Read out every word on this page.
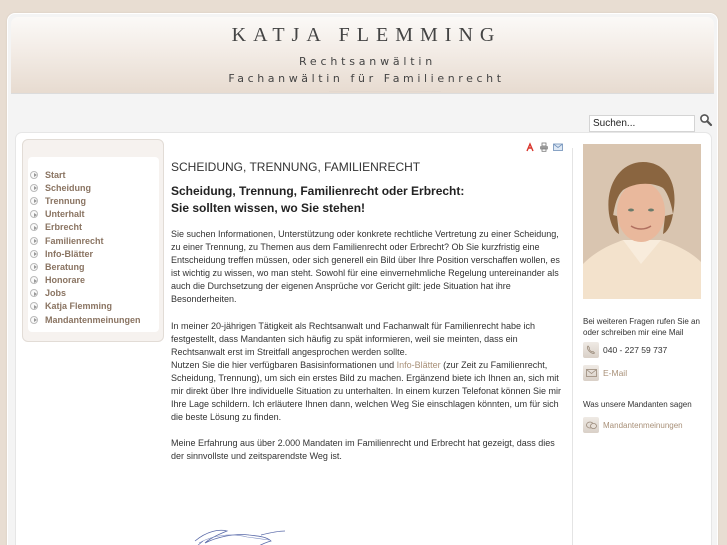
KATJA FLEMMING
Rechtsanwältin
Fachanwältin für Familienrecht
Suchen...
Start
Scheidung
Trennung
Unterhalt
Erbrecht
Familienrecht
Info-Blätter
Beratung
Honorare
Jobs
Katja Flemming
Mandantenmeinungen
SCHEIDUNG, TRENNUNG, FAMILIENRECHT
Scheidung, Trennung, Familienrecht oder Erbrecht:
Sie sollten wissen, wo Sie stehen!

Sie suchen Informationen, Unterstützung oder konkrete rechtliche Vertretung zu einer Scheidung, zu einer Trennung, zu Themen aus dem Familienrecht oder Erbrecht? Ob Sie kurzfristig eine Entscheidung treffen müssen, oder sich generell ein Bild über Ihre Position verschaffen wollen, es ist wichtig zu wissen, wo man steht. Sowohl für eine einvernehmliche Regelung untereinander als auch die Durchsetzung der eigenen Ansprüche vor Gericht gilt: jede Situation hat ihre Besonderheiten.

In meiner 20-jährigen Tätigkeit als Rechtsanwalt und Fachanwalt für Familienrecht habe ich festgestellt, dass Mandanten sich häufig zu spät informieren, weil sie meinten, dass ein Rechtsanwalt erst im Streitfall angesprochen werden sollte.
Nutzen Sie die hier verfügbaren Basisinformationen und Info-Blätter (zur Zeit zu Familienrecht, Scheidung, Trennung), um sich ein erstes Bild zu machen. Ergänzend biete ich Ihnen an, sich mit mir direkt über Ihre individuelle Situation zu unterhalten. In einem kurzen Telefonat können Sie mir Ihre Lage schildern. Ich erläutere Ihnen dann, welchen Weg Sie einschlagen könnten, um für sich die beste Lösung zu finden.

Meine Erfahrung aus über 2.000 Mandaten im Familienrecht und Erbrecht hat gezeigt, dass dies der sinnvollste und zeitsparendste Weg ist.

Bei weiteren Fragen rufen Sie an oder schreiben mir eine Mail
040 - 227 59 737
E-Mail
Was unsere Mandanten sagen
Mandantenmeinungen
